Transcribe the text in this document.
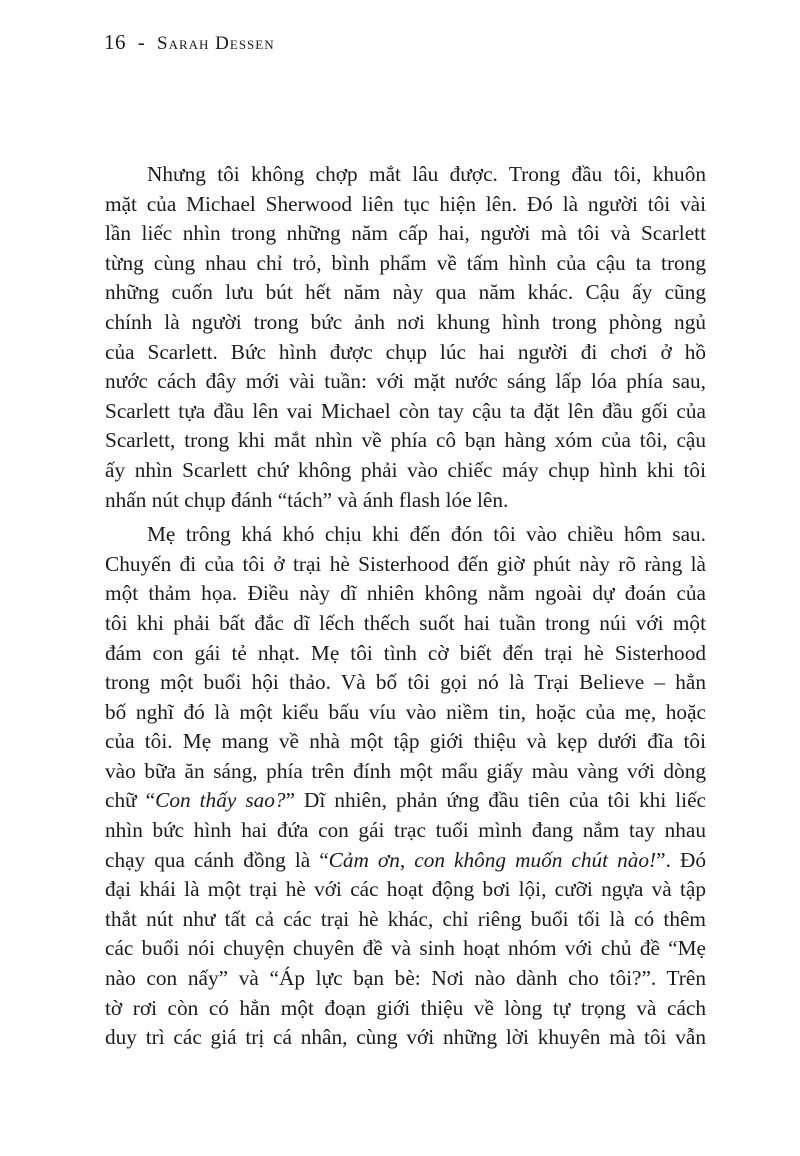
16 - Sarah Dessen
Nhưng tôi không chợp mắt lâu được. Trong đầu tôi, khuôn
mặt của Michael Sherwood liên tục hiện lên. Đó là người tôi vài
lần liếc nhìn trong những năm cấp hai, người mà tôi và Scarlett
từng cùng nhau chỉ trỏ, bình phẩm về tấm hình của cậu ta trong
những cuốn lưu bút hết năm này qua năm khác. Cậu ấy cũng
chính là người trong bức ảnh nơi khung hình trong phòng ngủ
của Scarlett. Bức hình được chụp lúc hai người đi chơi ở hồ
nước cách đây mới vài tuần: với mặt nước sáng lấp lóa phía sau,
Scarlett tựa đầu lên vai Michael còn tay cậu ta đặt lên đầu gối của
Scarlett, trong khi mắt nhìn về phía cô bạn hàng xóm của tôi, cậu
ấy nhìn Scarlett chứ không phải vào chiếc máy chụp hình khi tôi
nhấn nút chụp đánh “tách” và ánh flash lóe lên.
Mẹ trông khá khó chịu khi đến đón tôi vào chiều hôm sau.
Chuyến đi của tôi ở trại hè Sisterhood đến giờ phút này rõ ràng là
một thảm họa. Điều này dĩ nhiên không nằm ngoài dự đoán của
tôi khi phải bất đắc dĩ lếch thếch suốt hai tuần trong núi với một
đám con gái tẻ nhạt. Mẹ tôi tình cờ biết đến trại hè Sisterhood
trong một buổi hội thảo. Và bố tôi gọi nó là Trại Believe – hẳn
bố nghĩ đó là một kiểu bấu víu vào niềm tin, hoặc của mẹ, hoặc
của tôi. Mẹ mang về nhà một tập giới thiệu và kẹp dưới đĩa tôi
vào bữa ăn sáng, phía trên đính một mẩu giấy màu vàng với dòng
chữ “Con thấy sao?” Dĩ nhiên, phản ứng đầu tiên của tôi khi liếc
nhìn bức hình hai đứa con gái trạc tuổi mình đang nắm tay nhau
chạy qua cánh đồng là “Cảm ơn, con không muốn chút nào!”. Đó
đại khái là một trại hè với các hoạt động bơi lội, cưỡi ngựa và tập
thắt nút như tất cả các trại hè khác, chỉ riêng buổi tối là có thêm
các buổi nói chuyện chuyên đề và sinh hoạt nhóm với chủ đề “Mẹ
nào con nấy” và “Áp lực bạn bè: Nơi nào dành cho tôi?”. Trên
tờ rơi còn có hẳn một đoạn giới thiệu về lòng tự trọng và cách
duy trì các giá trị cá nhân, cùng với những lời khuyên mà tôi vẫn
